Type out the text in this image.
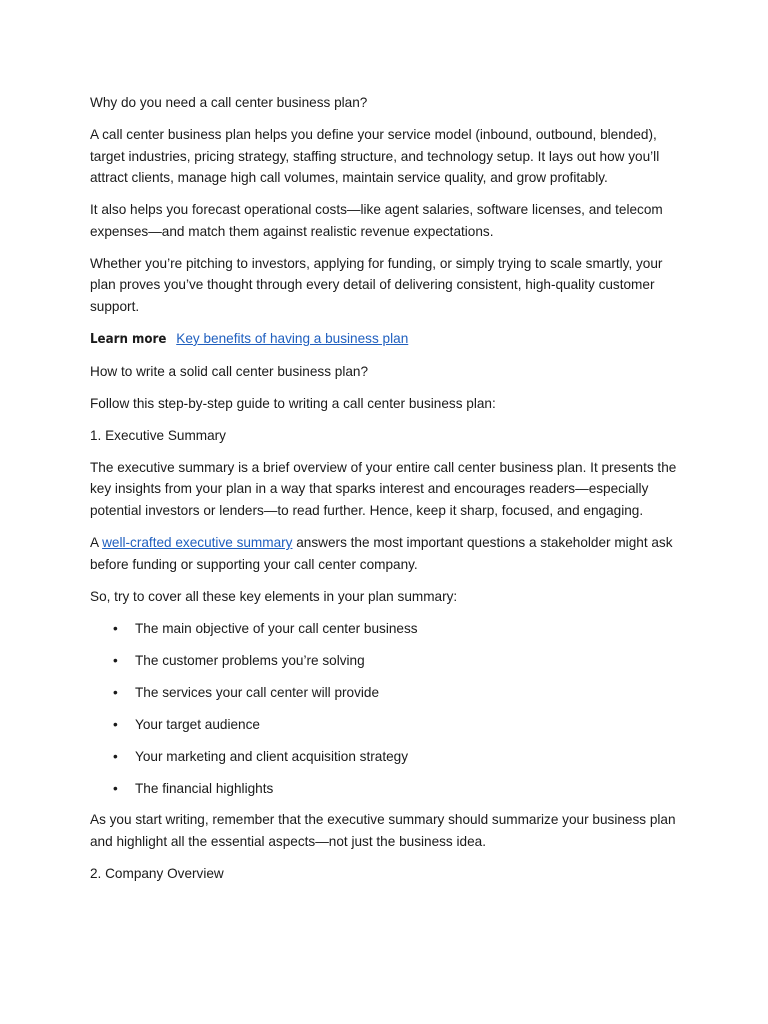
Why do you need a call center business plan?

A call center business plan helps you define your service model (inbound, outbound, blended), target industries, pricing strategy, staffing structure, and technology setup. It lays out how you’ll attract clients, manage high call volumes, maintain service quality, and grow profitably.

It also helps you forecast operational costs—like agent salaries, software licenses, and telecom expenses—and match them against realistic revenue expectations.

Whether you’re pitching to investors, applying for funding, or simply trying to scale smartly, your plan proves you’ve thought through every detail of delivering consistent, high-quality customer support.

Learn more Key benefits of having a business plan

How to write a solid call center business plan?

Follow this step-by-step guide to writing a call center business plan:

1. Executive Summary

The executive summary is a brief overview of your entire call center business plan. It presents the key insights from your plan in a way that sparks interest and encourages readers—especially potential investors or lenders—to read further. Hence, keep it sharp, focused, and engaging.

A well-crafted executive summary answers the most important questions a stakeholder might ask before funding or supporting your call center company.

So, try to cover all these key elements in your plan summary:

• The main objective of your call center business
• The customer problems you’re solving
• The services your call center will provide
• Your target audience
• Your marketing and client acquisition strategy
• The financial highlights

As you start writing, remember that the executive summary should summarize your business plan and highlight all the essential aspects—not just the business idea.

2. Company Overview
